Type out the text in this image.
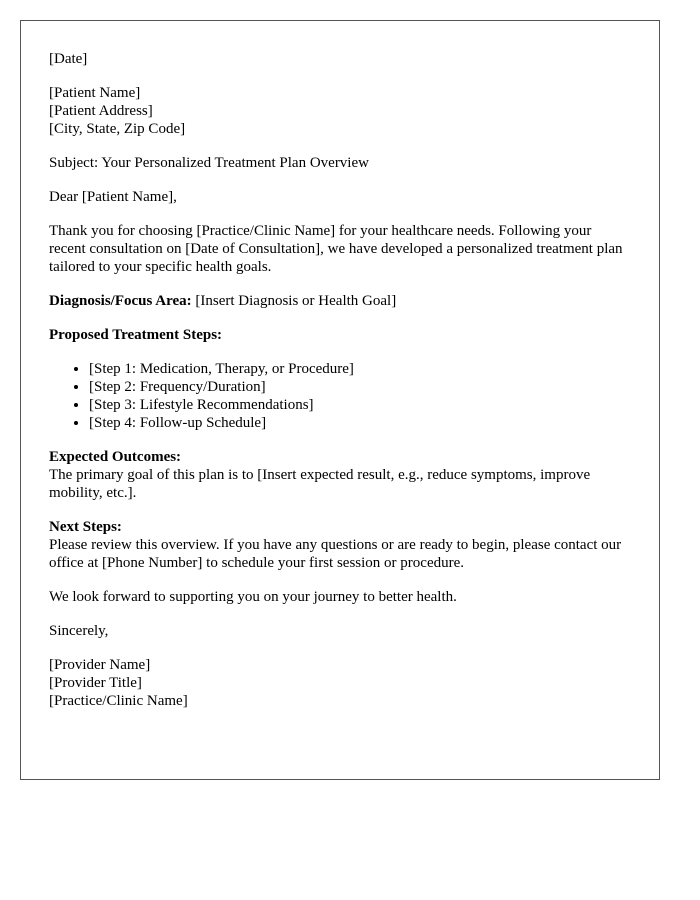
[Date]
[Patient Name]
[Patient Address]
[City, State, Zip Code]
Subject: Your Personalized Treatment Plan Overview
Dear [Patient Name],
Thank you for choosing [Practice/Clinic Name] for your healthcare needs. Following your recent consultation on [Date of Consultation], we have developed a personalized treatment plan tailored to your specific health goals.
Diagnosis/Focus Area: [Insert Diagnosis or Health Goal]
Proposed Treatment Steps:
• [Step 1: Medication, Therapy, or Procedure]
• [Step 2: Frequency/Duration]
• [Step 3: Lifestyle Recommendations]
• [Step 4: Follow-up Schedule]
Expected Outcomes:
The primary goal of this plan is to [Insert expected result, e.g., reduce symptoms, improve mobility, etc.].
Next Steps:
Please review this overview. If you have any questions or are ready to begin, please contact our office at [Phone Number] to schedule your first session or procedure.
We look forward to supporting you on your journey to better health.
Sincerely,
[Provider Name]
[Provider Title]
[Practice/Clinic Name]
